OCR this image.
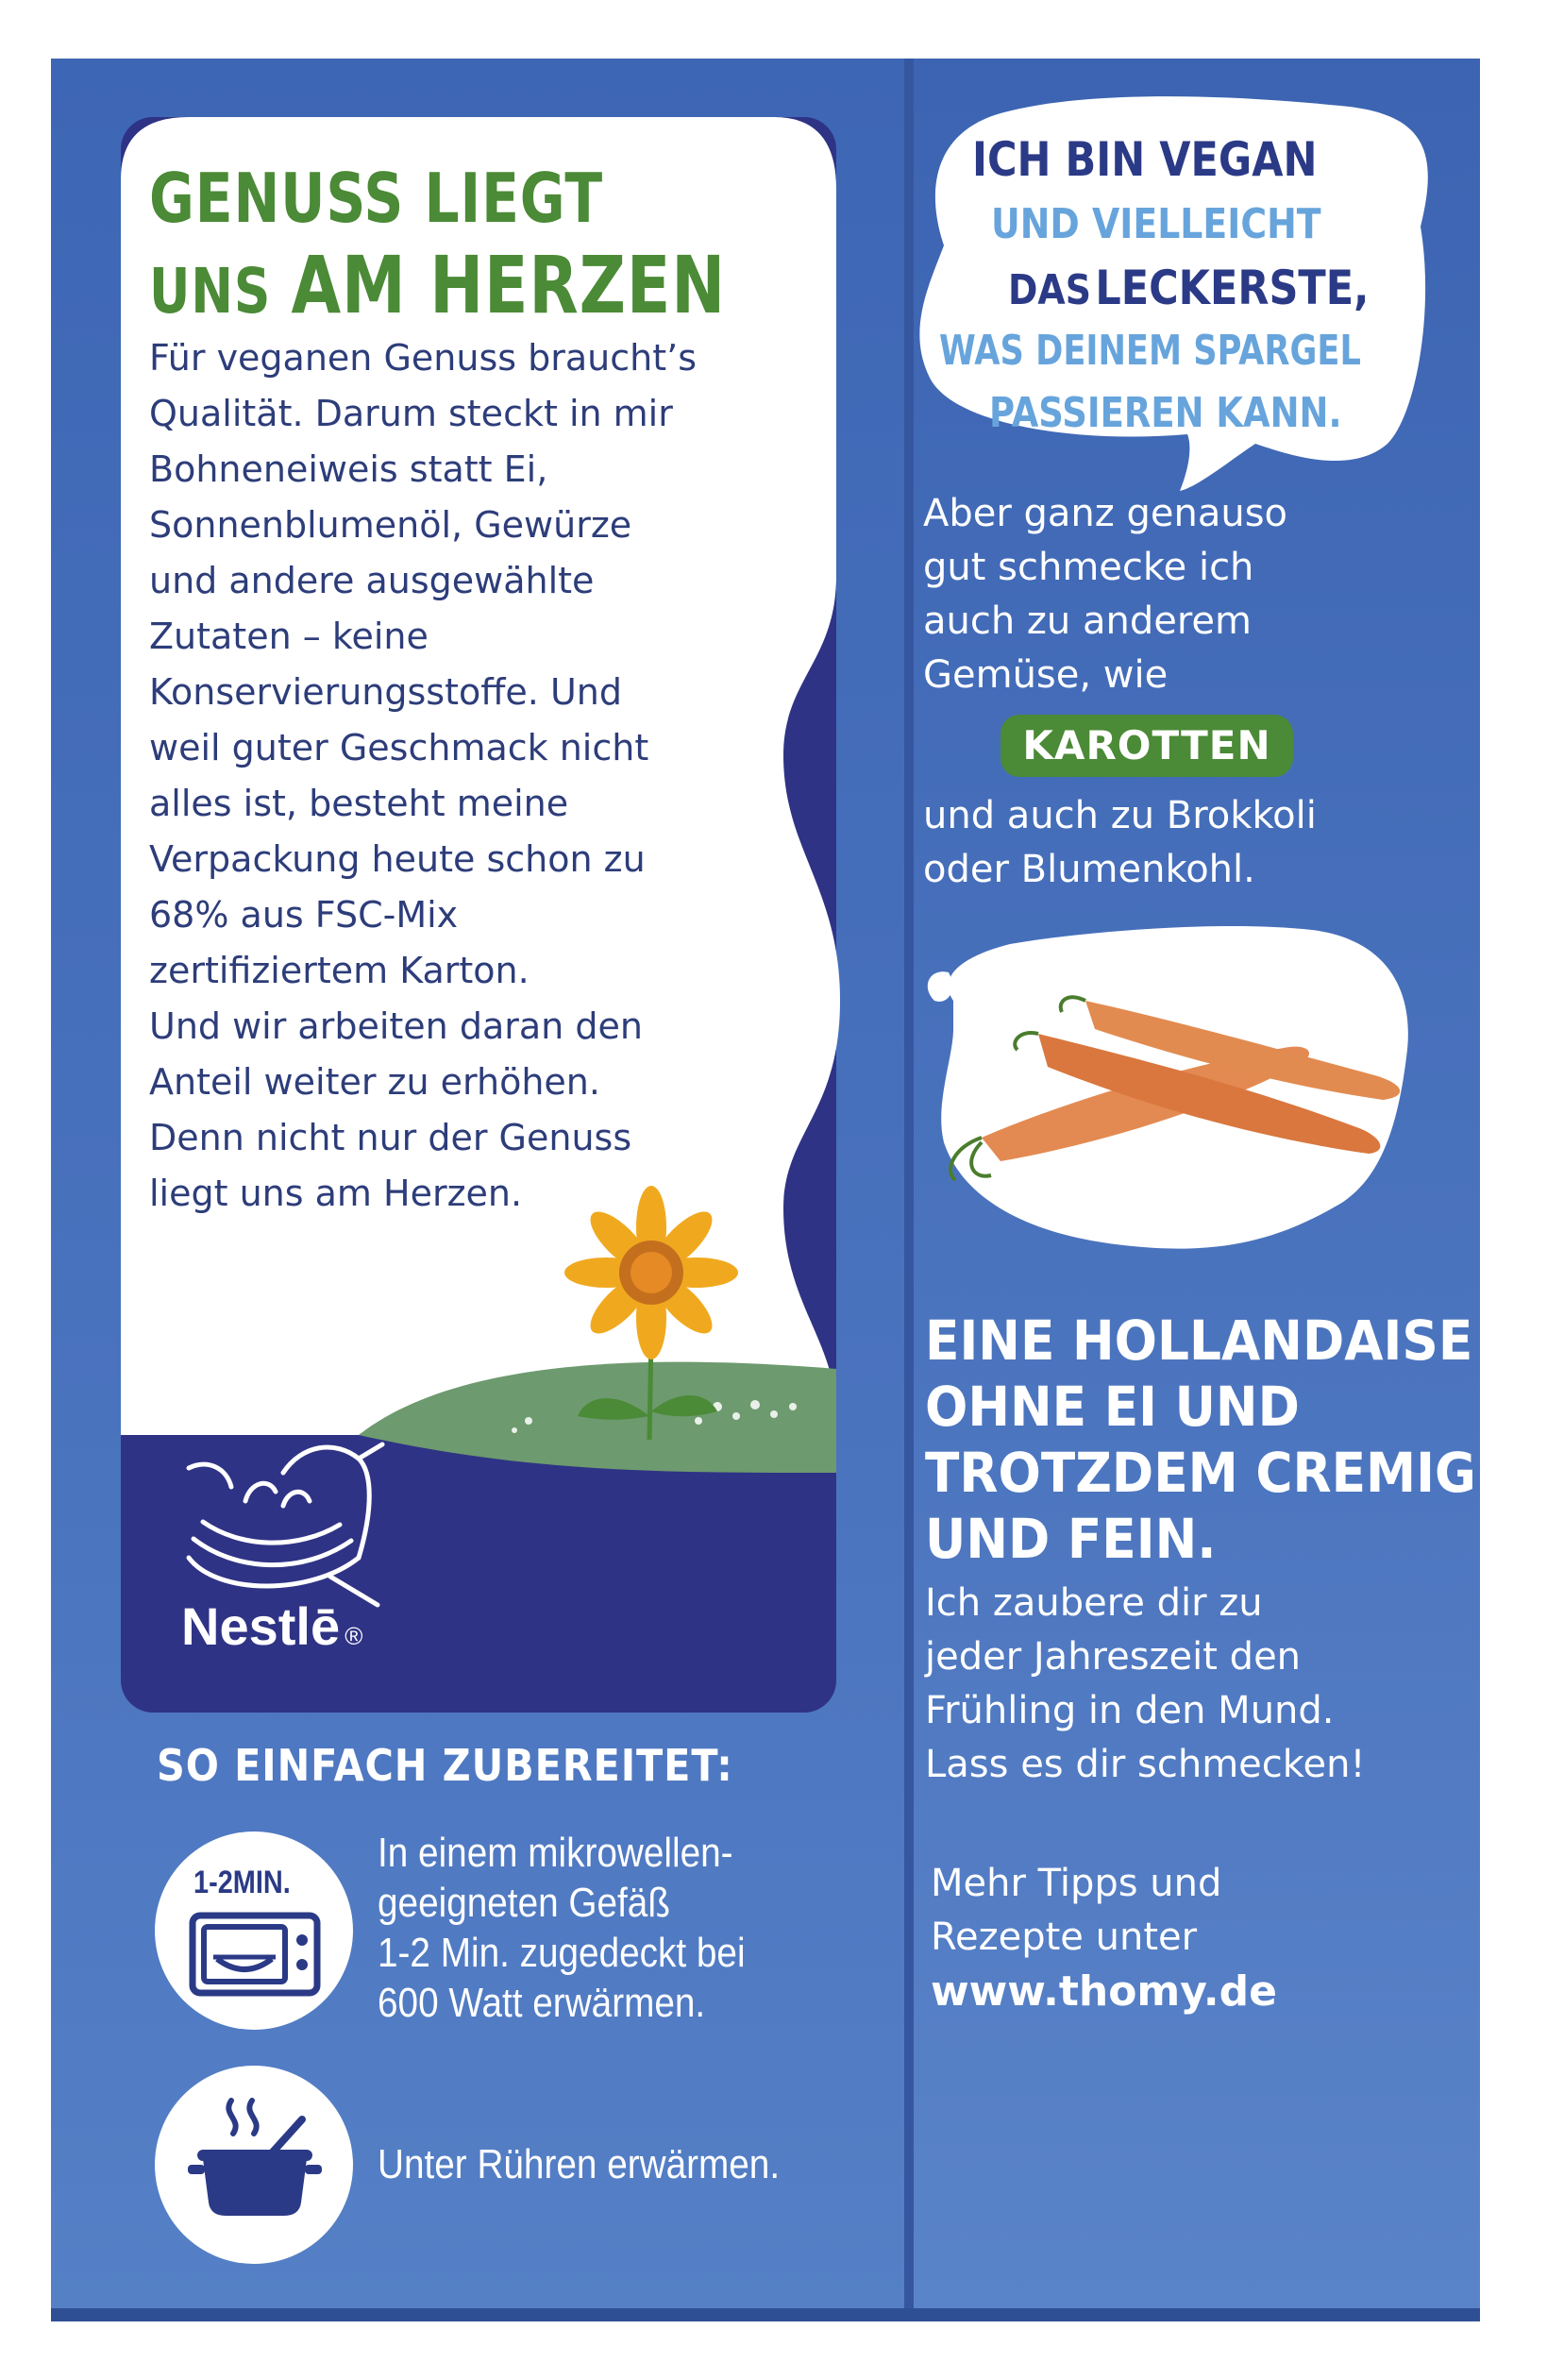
GENUSS LIEGT

UNS AM HERZEN

Für veganen Genuss braucht’s
Qualität. Darum steckt in mir
Bohneneiweis statt Ei,
Sonnenblumenöl, Gewürze
und andere ausgewählte
Zutaten – keine
Konservierungsstoffe. Und
weil guter Geschmack nicht
alles ist, besteht meine
Verpackung heute schon zu
68% aus FSC-Mix
zertifiziertem Karton.
Und wir arbeiten daran den
Anteil weiter zu erhöhen.
Denn nicht nur der Genuss
liegt uns am Herzen.
Nestlē ®

SO EINFACH ZUBEREITET:

1-2MIN.
In einem mikrowellen-
geeigneten Gefäß
1-2 Min. zugedeckt bei
600 Watt erwärmen.
Unter Rühren erwärmen.
ICH BIN VEGAN
UND VIELLEICHT
DAS LECKERSTE,
WAS DEINEM SPARGEL
PASSIEREN KANN.
Aber ganz genauso
gut schmecke ich
auch zu anderem
Gemüse, wie
KAROTTEN
und auch zu Brokkoli
oder Blumenkohl.
EINE HOLLANDAISE
OHNE EI UND
TROTZDEM CREMIG
UND FEIN.
Ich zaubere dir zu
jeder Jahreszeit den
Frühling in den Mund.
Lass es dir schmecken!
Mehr Tipps und
Rezepte unter
www.thomy.de
